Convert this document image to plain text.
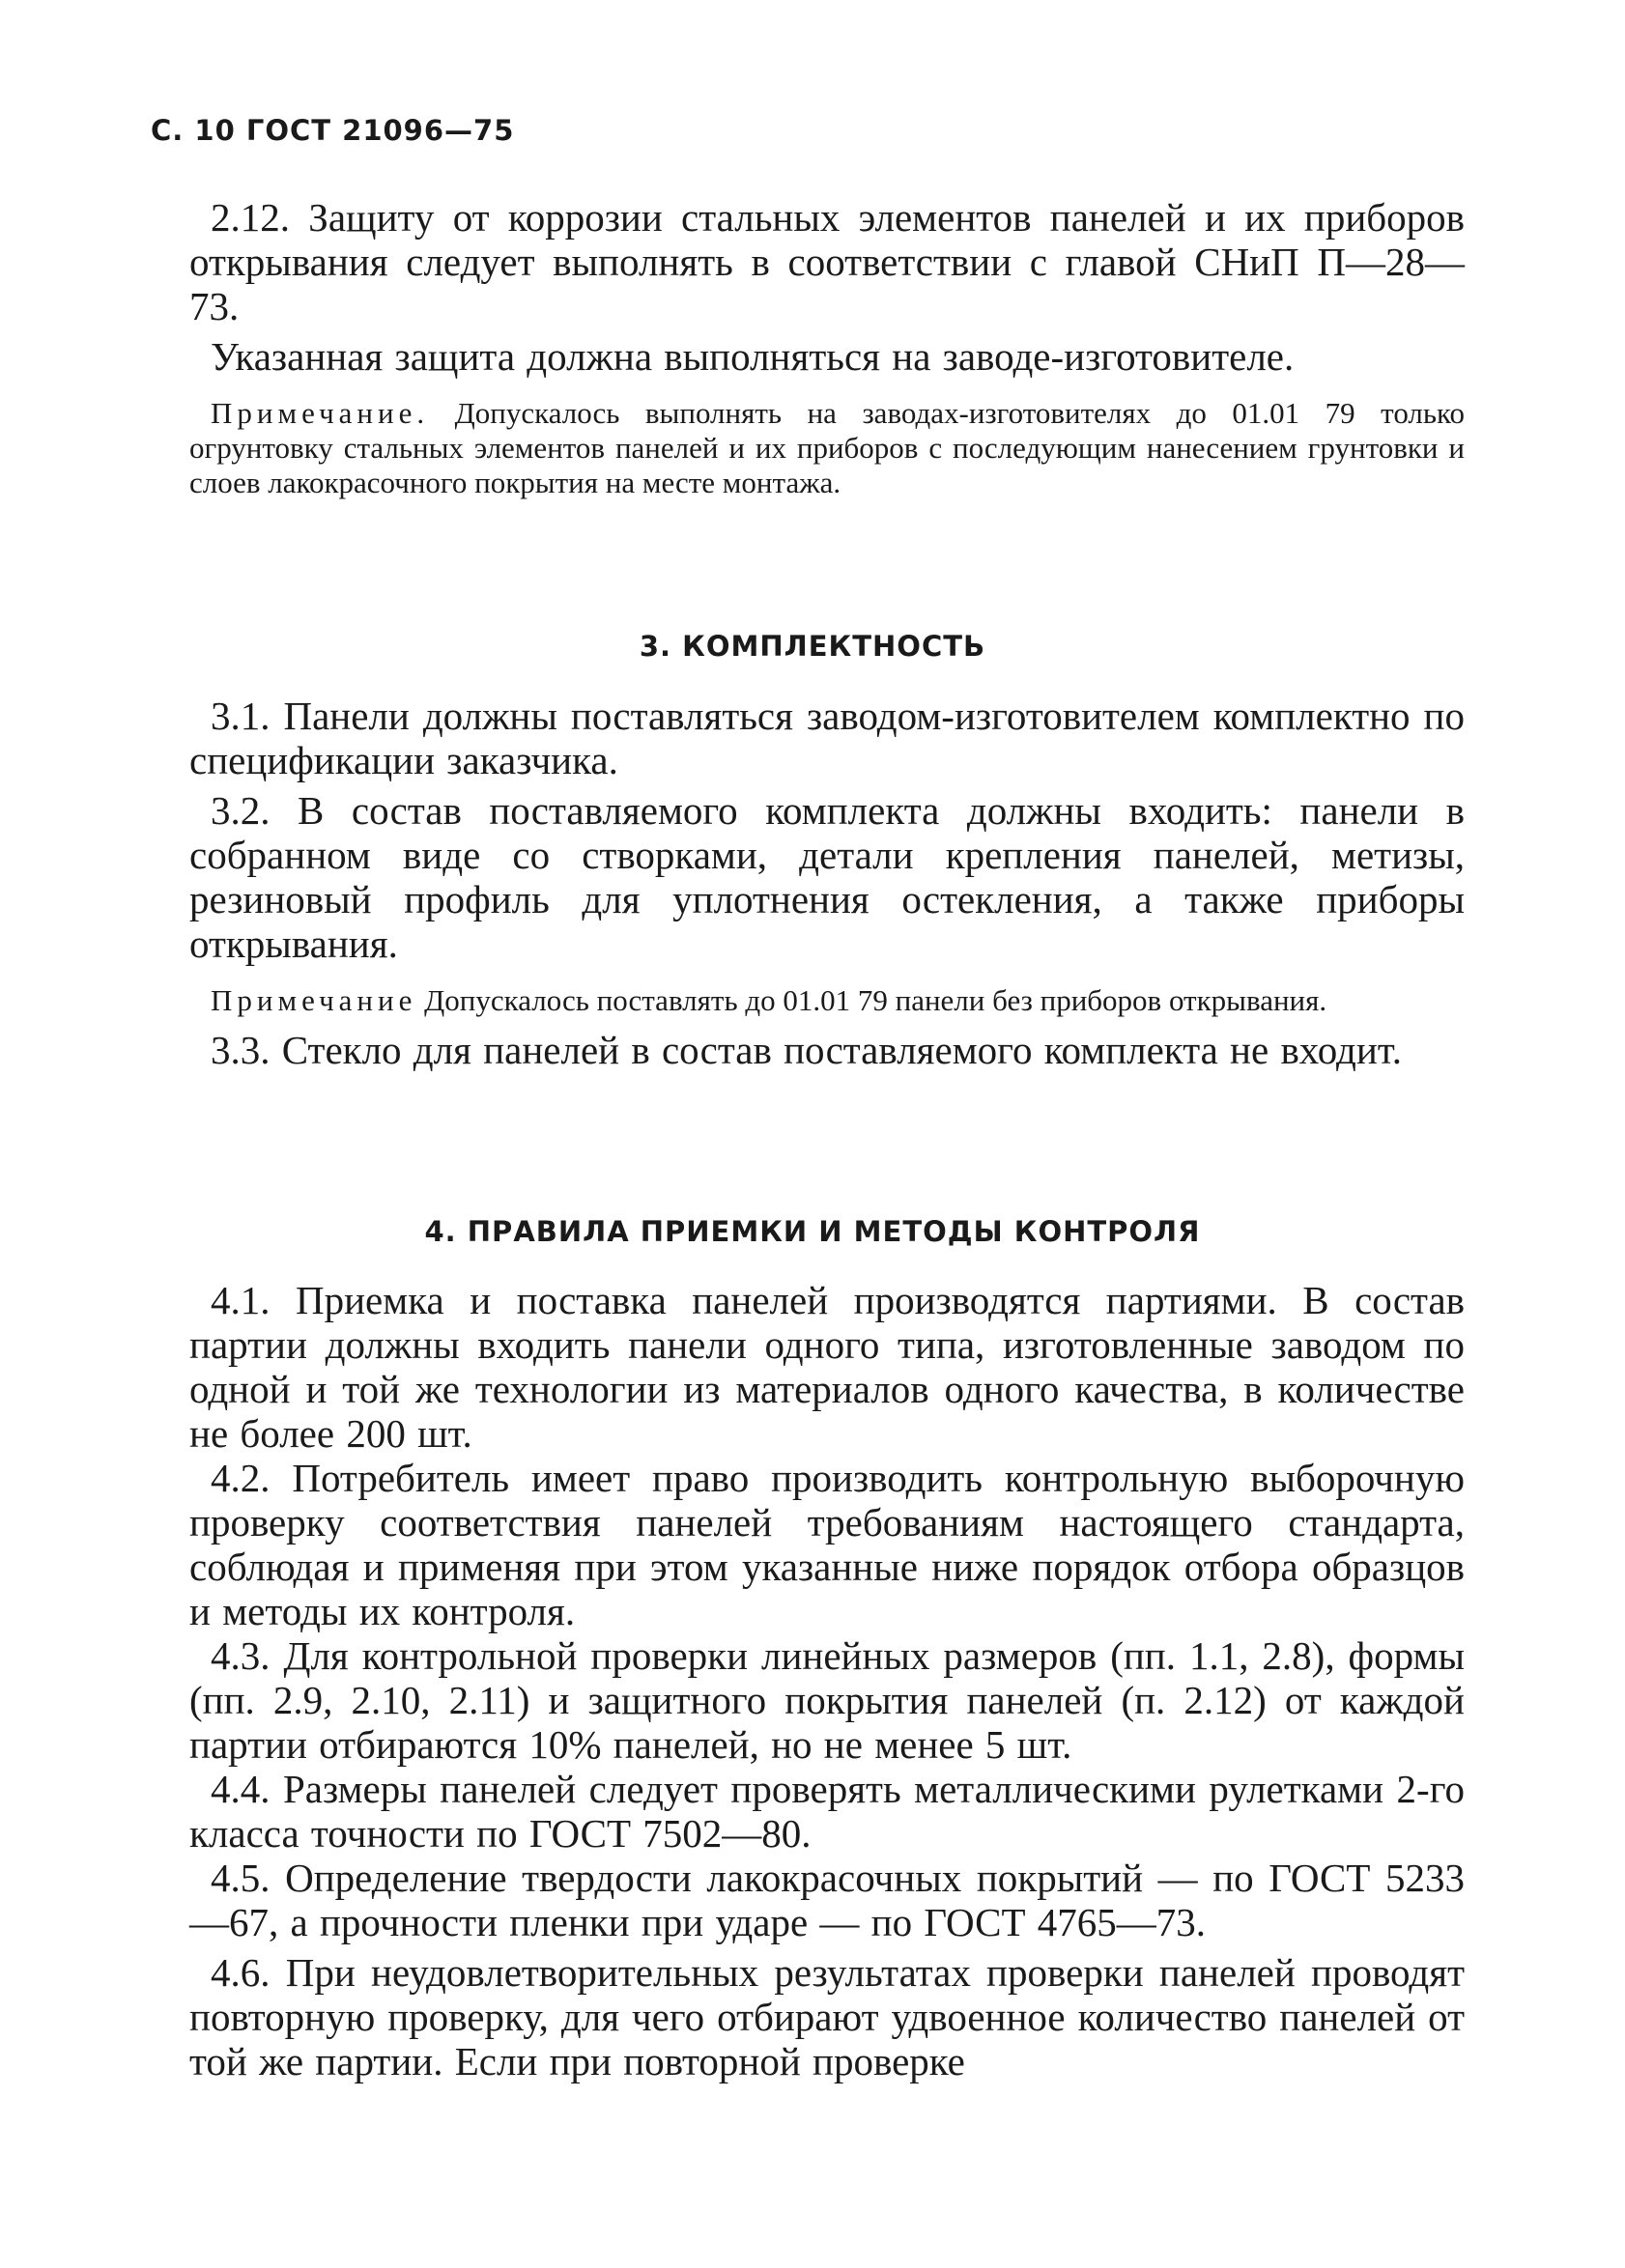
С. 10 ГОСТ 21096—75
2.12. Защиту от коррозии стальных элементов панелей и их приборов открывания следует выполнять в соответствии с главой СНиП П—28—73.
Указанная защита должна выполняться на заводе-изготовителе.
Примечание. Допускалось выполнять на заводах-изготовителях до 01.01 79 только огрунтовку стальных элементов панелей и их приборов с последующим нанесением грунтовки и слоев лакокрасочного покрытия на месте монтажа.
3. КОМПЛЕКТНОСТЬ
3.1. Панели должны поставляться заводом-изготовителем комплектно по спецификации заказчика.
3.2. В состав поставляемого комплекта должны входить: панели в собранном виде со створками, детали крепления панелей, метизы, резиновый профиль для уплотнения остекления, а также приборы открывания.
Примечание Допускалось поставлять до 01.01 79 панели без приборов открывания.
3.3. Стекло для панелей в состав поставляемого комплекта не входит.
4. ПРАВИЛА ПРИЕМКИ И МЕТОДЫ КОНТРОЛЯ
4.1. Приемка и поставка панелей производятся партиями. В состав партии должны входить панели одного типа, изготовленные заводом по одной и той же технологии из материалов одного качества, в количестве не более 200 шт.
4.2. Потребитель имеет право производить контрольную выборочную проверку соответствия панелей требованиям настоящего стандарта, соблюдая и применяя при этом указанные ниже порядок отбора образцов и методы их контроля.
4.3. Для контрольной проверки линейных размеров (пп. 1.1, 2.8), формы (пп. 2.9, 2.10, 2.11) и защитного покрытия панелей (п. 2.12) от каждой партии отбираются 10% панелей, но не менее 5 шт.
4.4. Размеры панелей следует проверять металлическими рулетками 2-го класса точности по ГОСТ 7502—80.
4.5. Определение твердости лакокрасочных покрытий — по ГОСТ 5233—67, а прочности пленки при ударе — по ГОСТ 4765—73.
4.6. При неудовлетворительных результатах проверки панелей проводят повторную проверку, для чего отбирают удвоенное количество панелей от той же партии. Если при повторной проверке
